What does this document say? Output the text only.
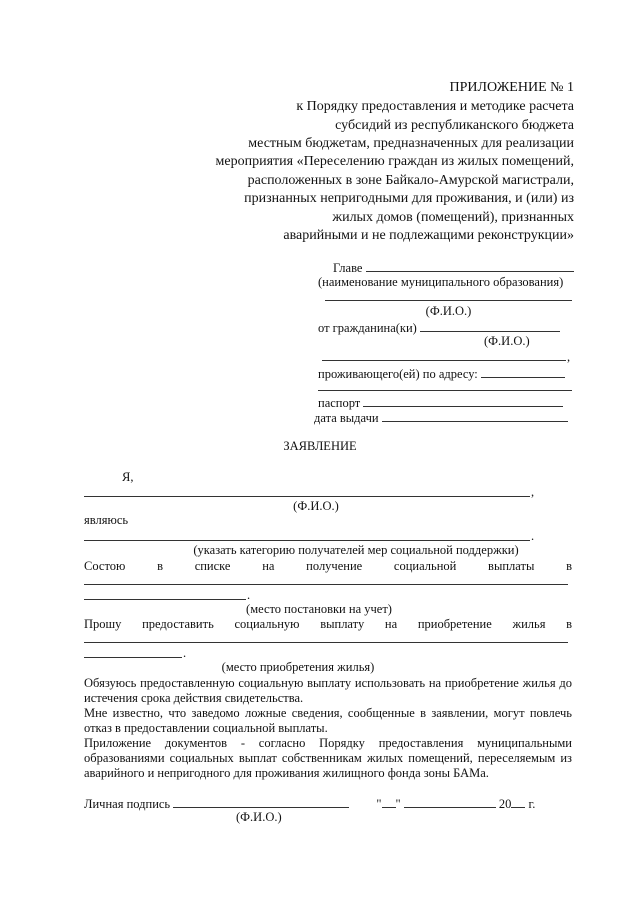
ПРИЛОЖЕНИЕ № 1
к Порядку предоставления и методике расчета
субсидий из республиканского бюджета
местным бюджетам, предназначенных для реализации
мероприятия «Переселению граждан из жилых помещений,
расположенных в зоне Байкало-Амурской магистрали,
признанных непригодными для проживания, и (или) из
жилых домов (помещений), признанных
аварийными и не подлежащими реконструкции»
Главе
(наименование муниципального образования)
(Ф.И.О.)
от гражданина(ки)
(Ф.И.О.)
,
проживающего(ей) по адресу:
паспорт
дата выдачи
ЗАЯВЛЕНИЕ
Я,
,
(Ф.И.О.)
являюсь
.
(указать категорию получателей мер социальной поддержки)
Состою	в	списке	на	получение	социальной	выплаты	в
.
(место постановки на учет)
Прошу предоставить социальную выплату на приобретение жилья в
.
(место приобретения жилья)
Обязуюсь предоставленную социальную выплату использовать на приобретение жилья до истечения срока действия свидетельства.
Мне известно, что заведомо ложные сведения, сообщенные в заявлении, могут повлечь отказ в предоставлении социальной выплаты.
Приложение документов - согласно Порядку предоставления муниципальными образованиями социальных выплат собственникам жилых помещений, переселяемым из аварийного и непригодного для проживания жилищного фонда зоны БАМа.
Личная подпись	" "	20 г.
(Ф.И.О.)
